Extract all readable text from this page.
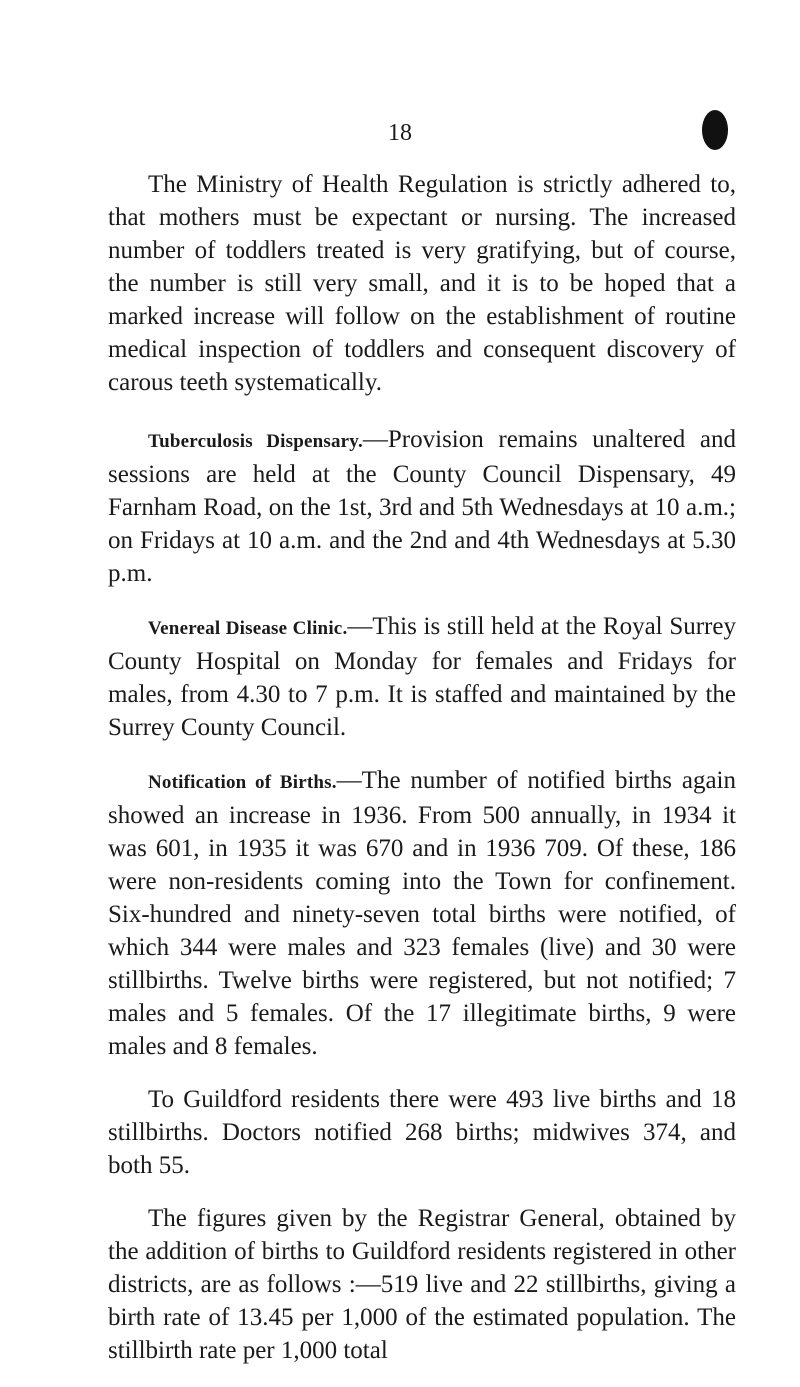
18

The Ministry of Health Regulation is strictly adhered to, that mothers must be expectant or nursing. The increased number of toddlers treated is very gratifying, but of course, the number is still very small, and it is to be hoped that a marked increase will follow on the establishment of routine medical inspection of toddlers and consequent discovery of carous teeth systematically.

Tuberculosis Dispensary.—Provision remains unaltered and sessions are held at the County Council Dispensary, 49 Farnham Road, on the 1st, 3rd and 5th Wednesdays at 10 a.m.; on Fridays at 10 a.m. and the 2nd and 4th Wednesdays at 5.30 p.m.

Venereal Disease Clinic.—This is still held at the Royal Surrey County Hospital on Monday for females and Fridays for males, from 4.30 to 7 p.m. It is staffed and maintained by the Surrey County Council.

Notification of Births.—The number of notified births again showed an increase in 1936. From 500 annually, in 1934 it was 601, in 1935 it was 670 and in 1936 709. Of these, 186 were non-residents coming into the Town for confinement. Six-hundred and ninety-seven total births were notified, of which 344 were males and 323 females (live) and 30 were stillbirths. Twelve births were registered, but not notified; 7 males and 5 females. Of the 17 illegitimate births, 9 were males and 8 females.

To Guildford residents there were 493 live births and 18 stillbirths. Doctors notified 268 births; midwives 374, and both 55.

The figures given by the Registrar General, obtained by the addition of births to Guildford residents registered in other districts, are as follows :—519 live and 22 stillbirths, giving a birth rate of 13.45 per 1,000 of the estimated population. The stillbirth rate per 1,000 total
